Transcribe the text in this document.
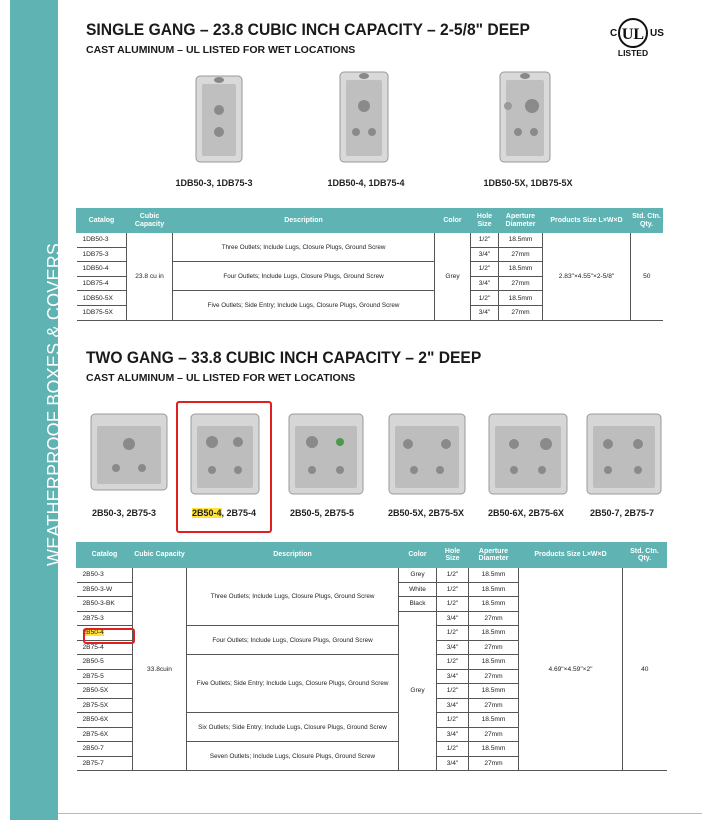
WEATHERPROOF BOXES & COVERS
C UL US
LISTED
SINGLE GANG – 23.8 CUBIC INCH CAPACITY – 2-5/8" DEEP
CAST ALUMINUM – UL LISTED FOR WET LOCATIONS
1DB50-3, 1DB75-3	1DB50-4, 1DB75-4	1DB50-5X, 1DB75-5X
Catalog	Cubic Capacity	Description	Color	Hole Size	Aperture Diameter	Products Size L×W×D	Std. Ctn. Qty.
1DB50-3	23.8 cu in	Three Outlets; Include Lugs, Closure Plugs, Ground Screw	Grey	1/2"	18.5mm	2.83"×4.55"×2-5/8"	50
1DB75-3				3/4"	27mm		
1DB50-4		Four Outlets; Include Lugs, Closure Plugs, Ground Screw		1/2"	18.5mm		
1DB75-4				3/4"	27mm		
1DB50-5X		Five Outlets; Side Entry; Include Lugs, Closure Plugs, Ground Screw		1/2"	18.5mm		
1DB75-5X				3/4"	27mm		
TWO GANG – 33.8 CUBIC INCH CAPACITY – 2" DEEP
CAST ALUMINUM – UL LISTED FOR WET LOCATIONS
2B50-3, 2B75-3	2B50-4, 2B75-4	2B50-5, 2B75-5	2B50-5X, 2B75-5X	2B50-6X, 2B75-6X	2B50-7, 2B75-7
Catalog	Cubic Capacity	Description	Color	Hole Size	Aperture Diameter	Products Size L×W×D	Std. Ctn. Qty.
2B50-3	33.8cuin	Three Outlets; Include Lugs, Closure Plugs, Ground Screw	Grey	1/2"	18.5mm	4.69"×4.59"×2"	40
2B50-3-W			White	1/2"	18.5mm		
2B50-3-BK			Black	1/2"	18.5mm		
2B75-3			Grey	3/4"	27mm		
2B50-4		Four Outlets; Include Lugs, Closure Plugs, Ground Screw		1/2"	18.5mm		
2B75-4				3/4"	27mm		
2B50-5		Five Outlets; Side Entry; Include Lugs, Closure Plugs, Ground Screw		1/2"	18.5mm		
2B75-5				3/4"	27mm		
2B50-5X				1/2"	18.5mm		
2B75-5X				3/4"	27mm		
2B50-6X		Six Outlets; Side Entry; Include Lugs, Closure Plugs, Ground Screw		1/2"	18.5mm		
2B75-6X				3/4"	27mm		
2B50-7		Seven Outlets; Include Lugs, Closure Plugs, Ground Screw		1/2"	18.5mm		
2B75-7				3/4"	27mm		
